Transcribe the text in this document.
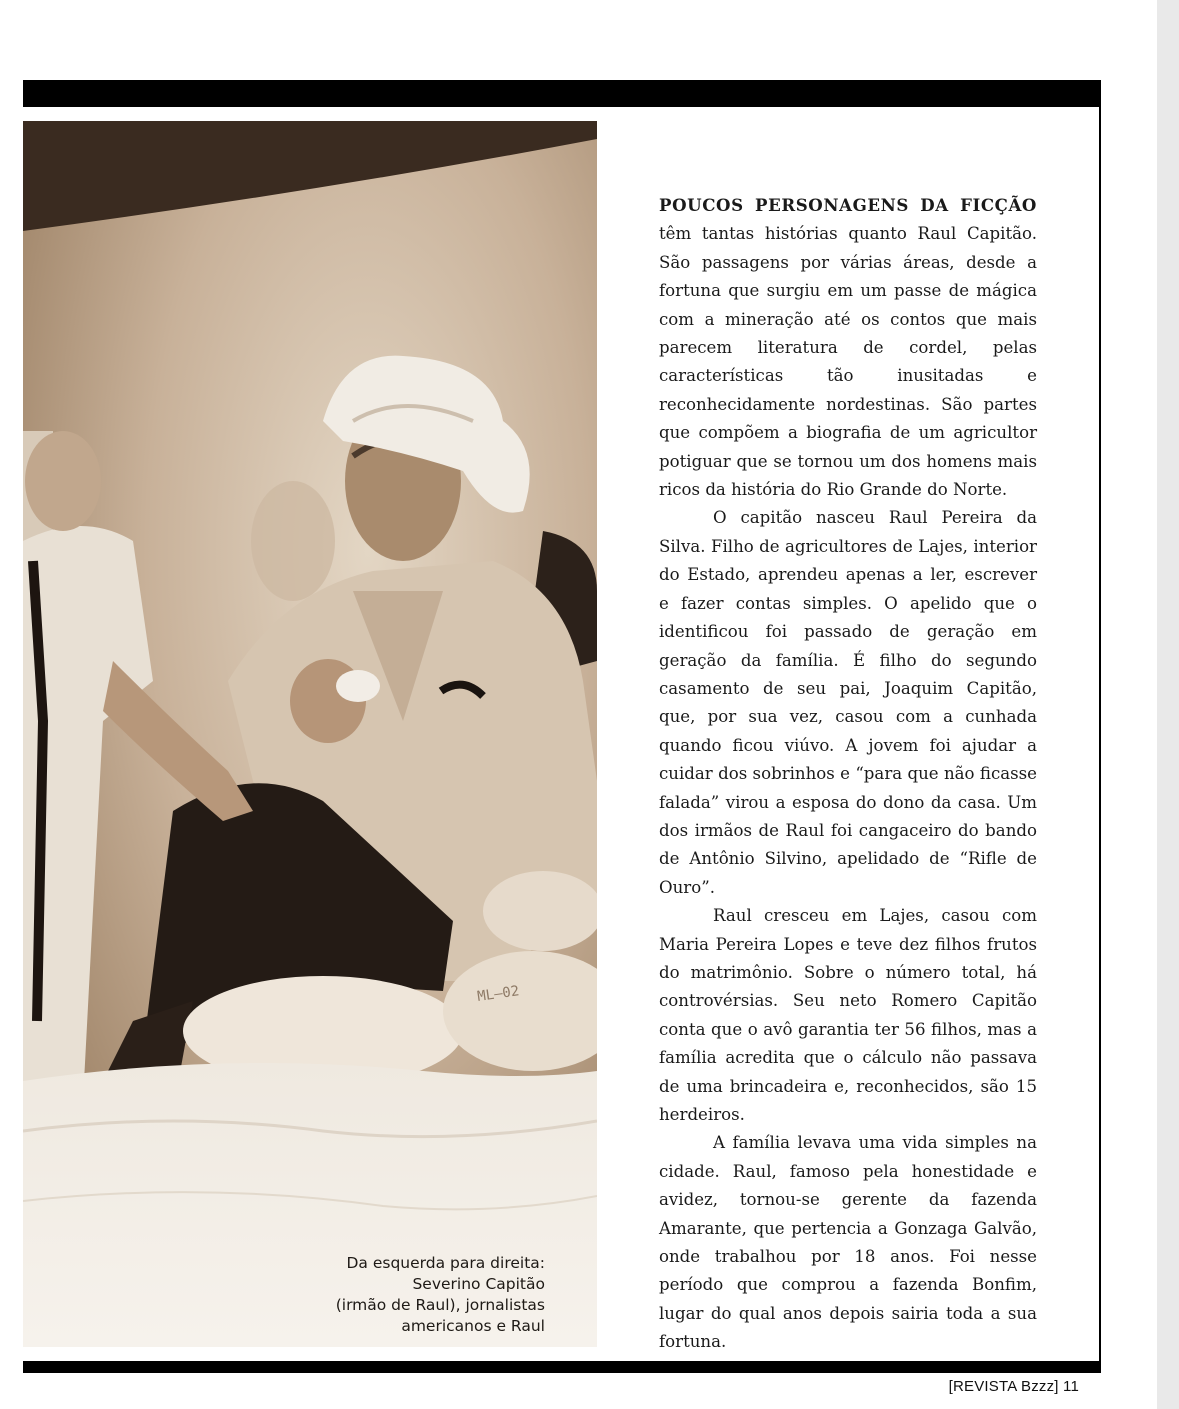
ML—02
Da esquerda para direita:
Severino Capitão
(irmão de Raul), jornalistas
americanos e Raul

POUCOS PERSONAGENS DA FICÇÃO têm tantas histórias quanto Raul Capitão. São passagens por várias áreas, desde a fortuna que surgiu em um passe de mágica com a mineração até os contos que mais parecem literatura de cordel, pelas características tão inusitadas e reconhecidamente nordestinas. São partes que compõem a biografia de um agricultor potiguar que se tornou um dos homens mais ricos da história do Rio Grande do Norte.

O capitão nasceu Raul Pereira da Silva. Filho de agricultores de Lajes, interior do Estado, aprendeu apenas a ler, escrever e fazer contas simples. O apelido que o identificou foi passado de geração em geração da família. É filho do segundo casamento de seu pai, Joaquim Capitão, que, por sua vez, casou com a cunhada quando ficou viúvo. A jovem foi ajudar a cuidar dos sobrinhos e “para que não ficasse falada” virou a esposa do dono da casa. Um dos irmãos de Raul foi cangaceiro do bando de Antônio Silvino, apelidado de “Rifle de Ouro”.

Raul cresceu em Lajes, casou com Maria Pereira Lopes e teve dez filhos frutos do matrimônio. Sobre o número total, há controvérsias. Seu neto Romero Capitão conta que o avô garantia ter 56 filhos, mas a família acredita que o cálculo não passava de uma brincadeira e, reconhecidos, são 15 herdeiros.

A família levava uma vida simples na cidade. Raul, famoso pela honestidade e avidez, tornou-se gerente da fazenda Amarante, que pertencia a Gonzaga Galvão, onde trabalhou por 18 anos. Foi nesse período que comprou a fazenda Bonfim, lugar do qual anos depois sairia toda a sua fortuna.

[REVISTA Bzzz] 11
